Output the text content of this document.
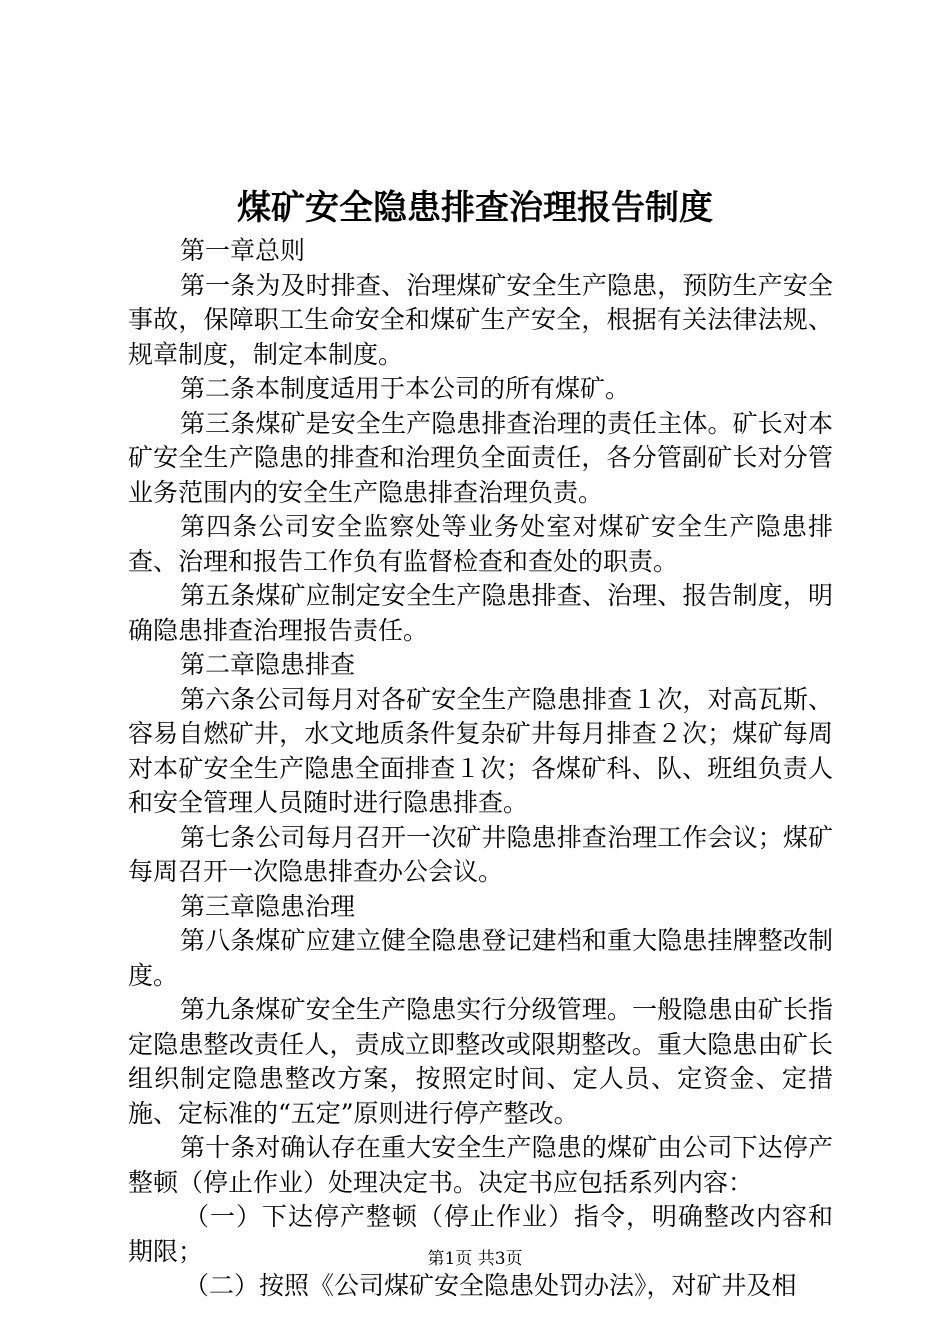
煤矿安全隐患排查治理报告制度

第一章总则

第一条为及时排查、治理煤矿安全生产隐患，预防生产安全事故，保障职工生命安全和煤矿生产安全，根据有关法律法规、规章制度，制定本制度。

第二条本制度适用于本公司的所有煤矿。

第三条煤矿是安全生产隐患排查治理的责任主体。矿长对本矿安全生产隐患的排查和治理负全面责任，各分管副矿长对分管业务范围内的安全生产隐患排查治理负责。

第四条公司安全监察处等业务处室对煤矿安全生产隐患排查、治理和报告工作负有监督检查和查处的职责。

第五条煤矿应制定安全生产隐患排查、治理、报告制度，明确隐患排查治理报告责任。

第二章隐患排查

第六条公司每月对各矿安全生产隐患排查１次，对高瓦斯、容易自燃矿井，水文地质条件复杂矿井每月排查２次；煤矿每周对本矿安全生产隐患全面排查１次；各煤矿科、队、班组负责人和安全管理人员随时进行隐患排查。

第七条公司每月召开一次矿井隐患排查治理工作会议；煤矿每周召开一次隐患排查办公会议。

第三章隐患治理

第八条煤矿应建立健全隐患登记建档和重大隐患挂牌整改制度。

第九条煤矿安全生产隐患实行分级管理。一般隐患由矿长指定隐患整改责任人，责成立即整改或限期整改。重大隐患由矿长组织制定隐患整改方案，按照定时间、定人员、定资金、定措施、定标准的“五定”原则进行停产整改。

第十条对确认存在重大安全生产隐患的煤矿由公司下达停产整顿（停止作业）处理决定书。决定书应包括系列内容：

（一）下达停产整顿（停止作业）指令，明确整改内容和期限；

（二）按照《公司煤矿安全隐患处罚办法》，对矿井及相

第1页 共3页
